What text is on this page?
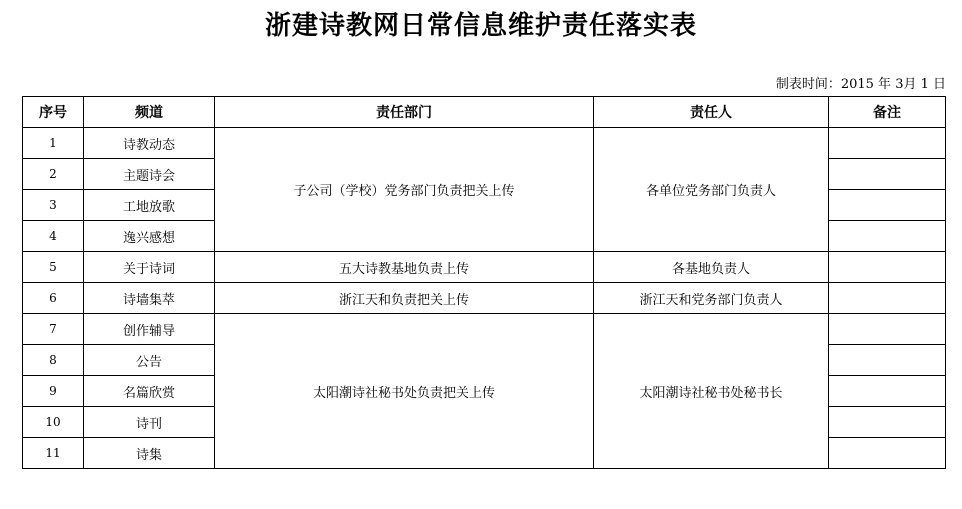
浙建诗教网日常信息维护责任落实表
制表时间：2015 年 3月 1 日
序号	频道	责任部门	责任人	备注
1	诗教动态	子公司（学校）党务部门负责把关上传	各单位党务部门负责人	
2	主题诗会			
3	工地放歌			
4	逸兴感想			
5	关于诗词	五大诗教基地负责上传	各基地负责人	
6	诗墙集萃	浙江天和负责把关上传	浙江天和党务部门负责人	
7	创作辅导	太阳潮诗社秘书处负责把关上传	太阳潮诗社秘书处秘书长	
8	公告			
9	名篇欣赏			
10	诗刊			
11	诗集			
